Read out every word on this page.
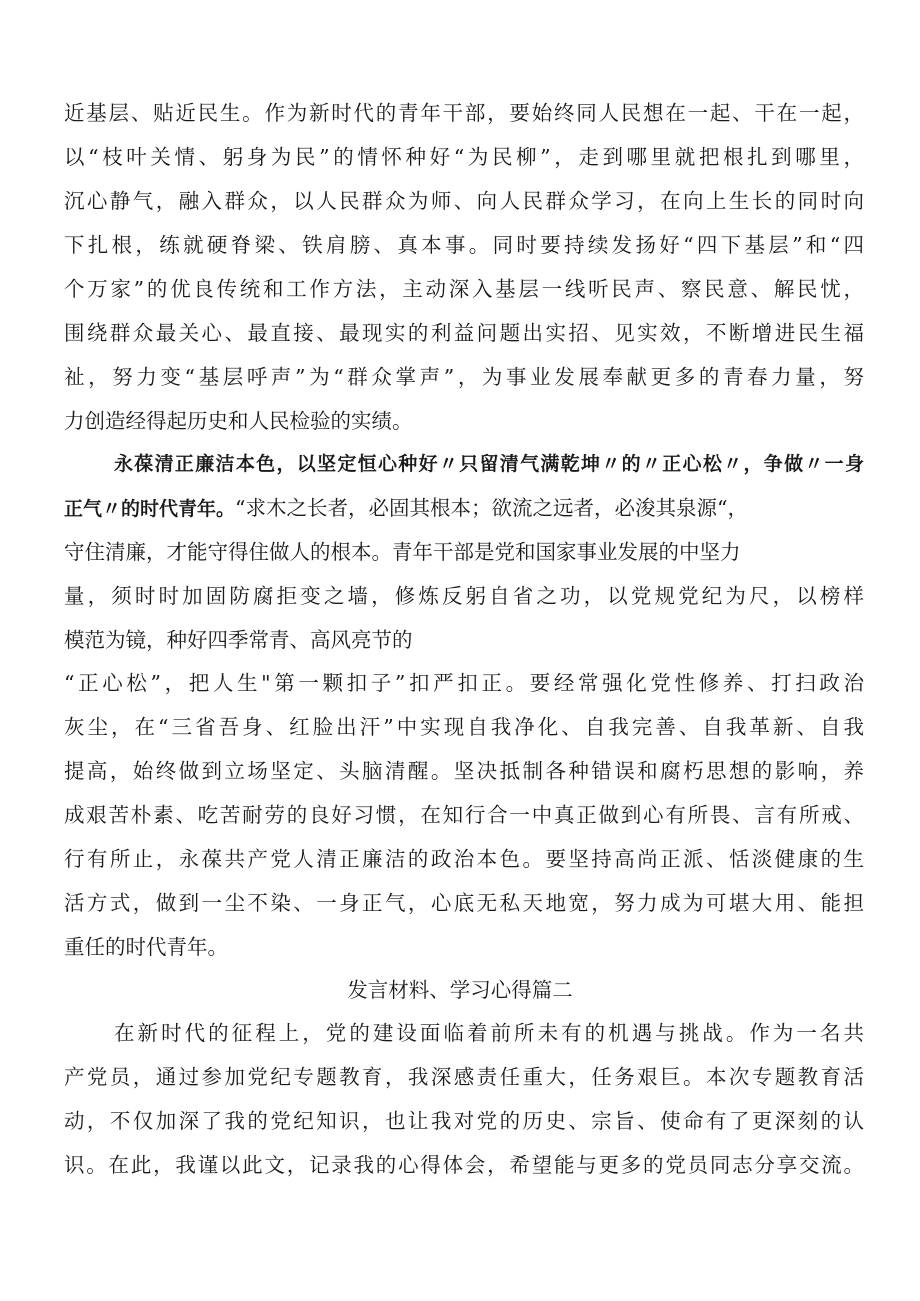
近基层、贴近民生。作为新时代的青年干部，要始终同人民想在一起、干在一起，
以“枝叶关情、躬身为民”的情怀种好“为民柳”，走到哪里就把根扎到哪里，
沉心静气，融入群众，以人民群众为师、向人民群众学习，在向上生长的同时向
下扎根，练就硬脊梁、铁肩膀、真本事。同时要持续发扬好“四下基层”和“四
个万家”的优良传统和工作方法，主动深入基层一线听民声、察民意、解民忧，
围绕群众最关心、最直接、最现实的利益问题出实招、见实效，不断增进民生福
祉，努力变“基层呼声”为“群众掌声”，为事业发展奉献更多的青春力量，努
力创造经得起历史和人民检验的实绩。
永葆清正廉洁本色，以坚定恒心种好〃只留清气满乾坤〃的〃正心松〃，争做〃一身
正气〃的时代青年。“求木之长者，必固其根本；欲流之远者，必浚其泉源“，
守住清廉，才能守得住做人的根本。青年干部是党和国家事业发展的中坚力
量，须时时加固防腐拒变之墙，修炼反躬自省之功，以党规党纪为尺，以榜样
模范为镜，种好四季常青、高风亮节的
“正心松”，把人生"第一颗扣子”扣严扣正。要经常强化党性修养、打扫政治
灰尘，在“三省吾身、红脸出汗”中实现自我净化、自我完善、自我革新、自我
提高，始终做到立场坚定、头脑清醒。坚决抵制各种错误和腐朽思想的影响，养
成艰苦朴素、吃苦耐劳的良好习惯，在知行合一中真正做到心有所畏、言有所戒、
行有所止，永葆共产党人清正廉洁的政治本色。要坚持高尚正派、恬淡健康的生
活方式，做到一尘不染、一身正气，心底无私天地宽，努力成为可堪大用、能担
重任的时代青年。
发言材料、学习心得篇二
在新时代的征程上，党的建设面临着前所未有的机遇与挑战。作为一名共
产党员，通过参加党纪专题教育，我深感责任重大，任务艰巨。本次专题教育活
动，不仅加深了我的党纪知识，也让我对党的历史、宗旨、使命有了更深刻的认
识。在此，我谨以此文，记录我的心得体会，希望能与更多的党员同志分享交流。
